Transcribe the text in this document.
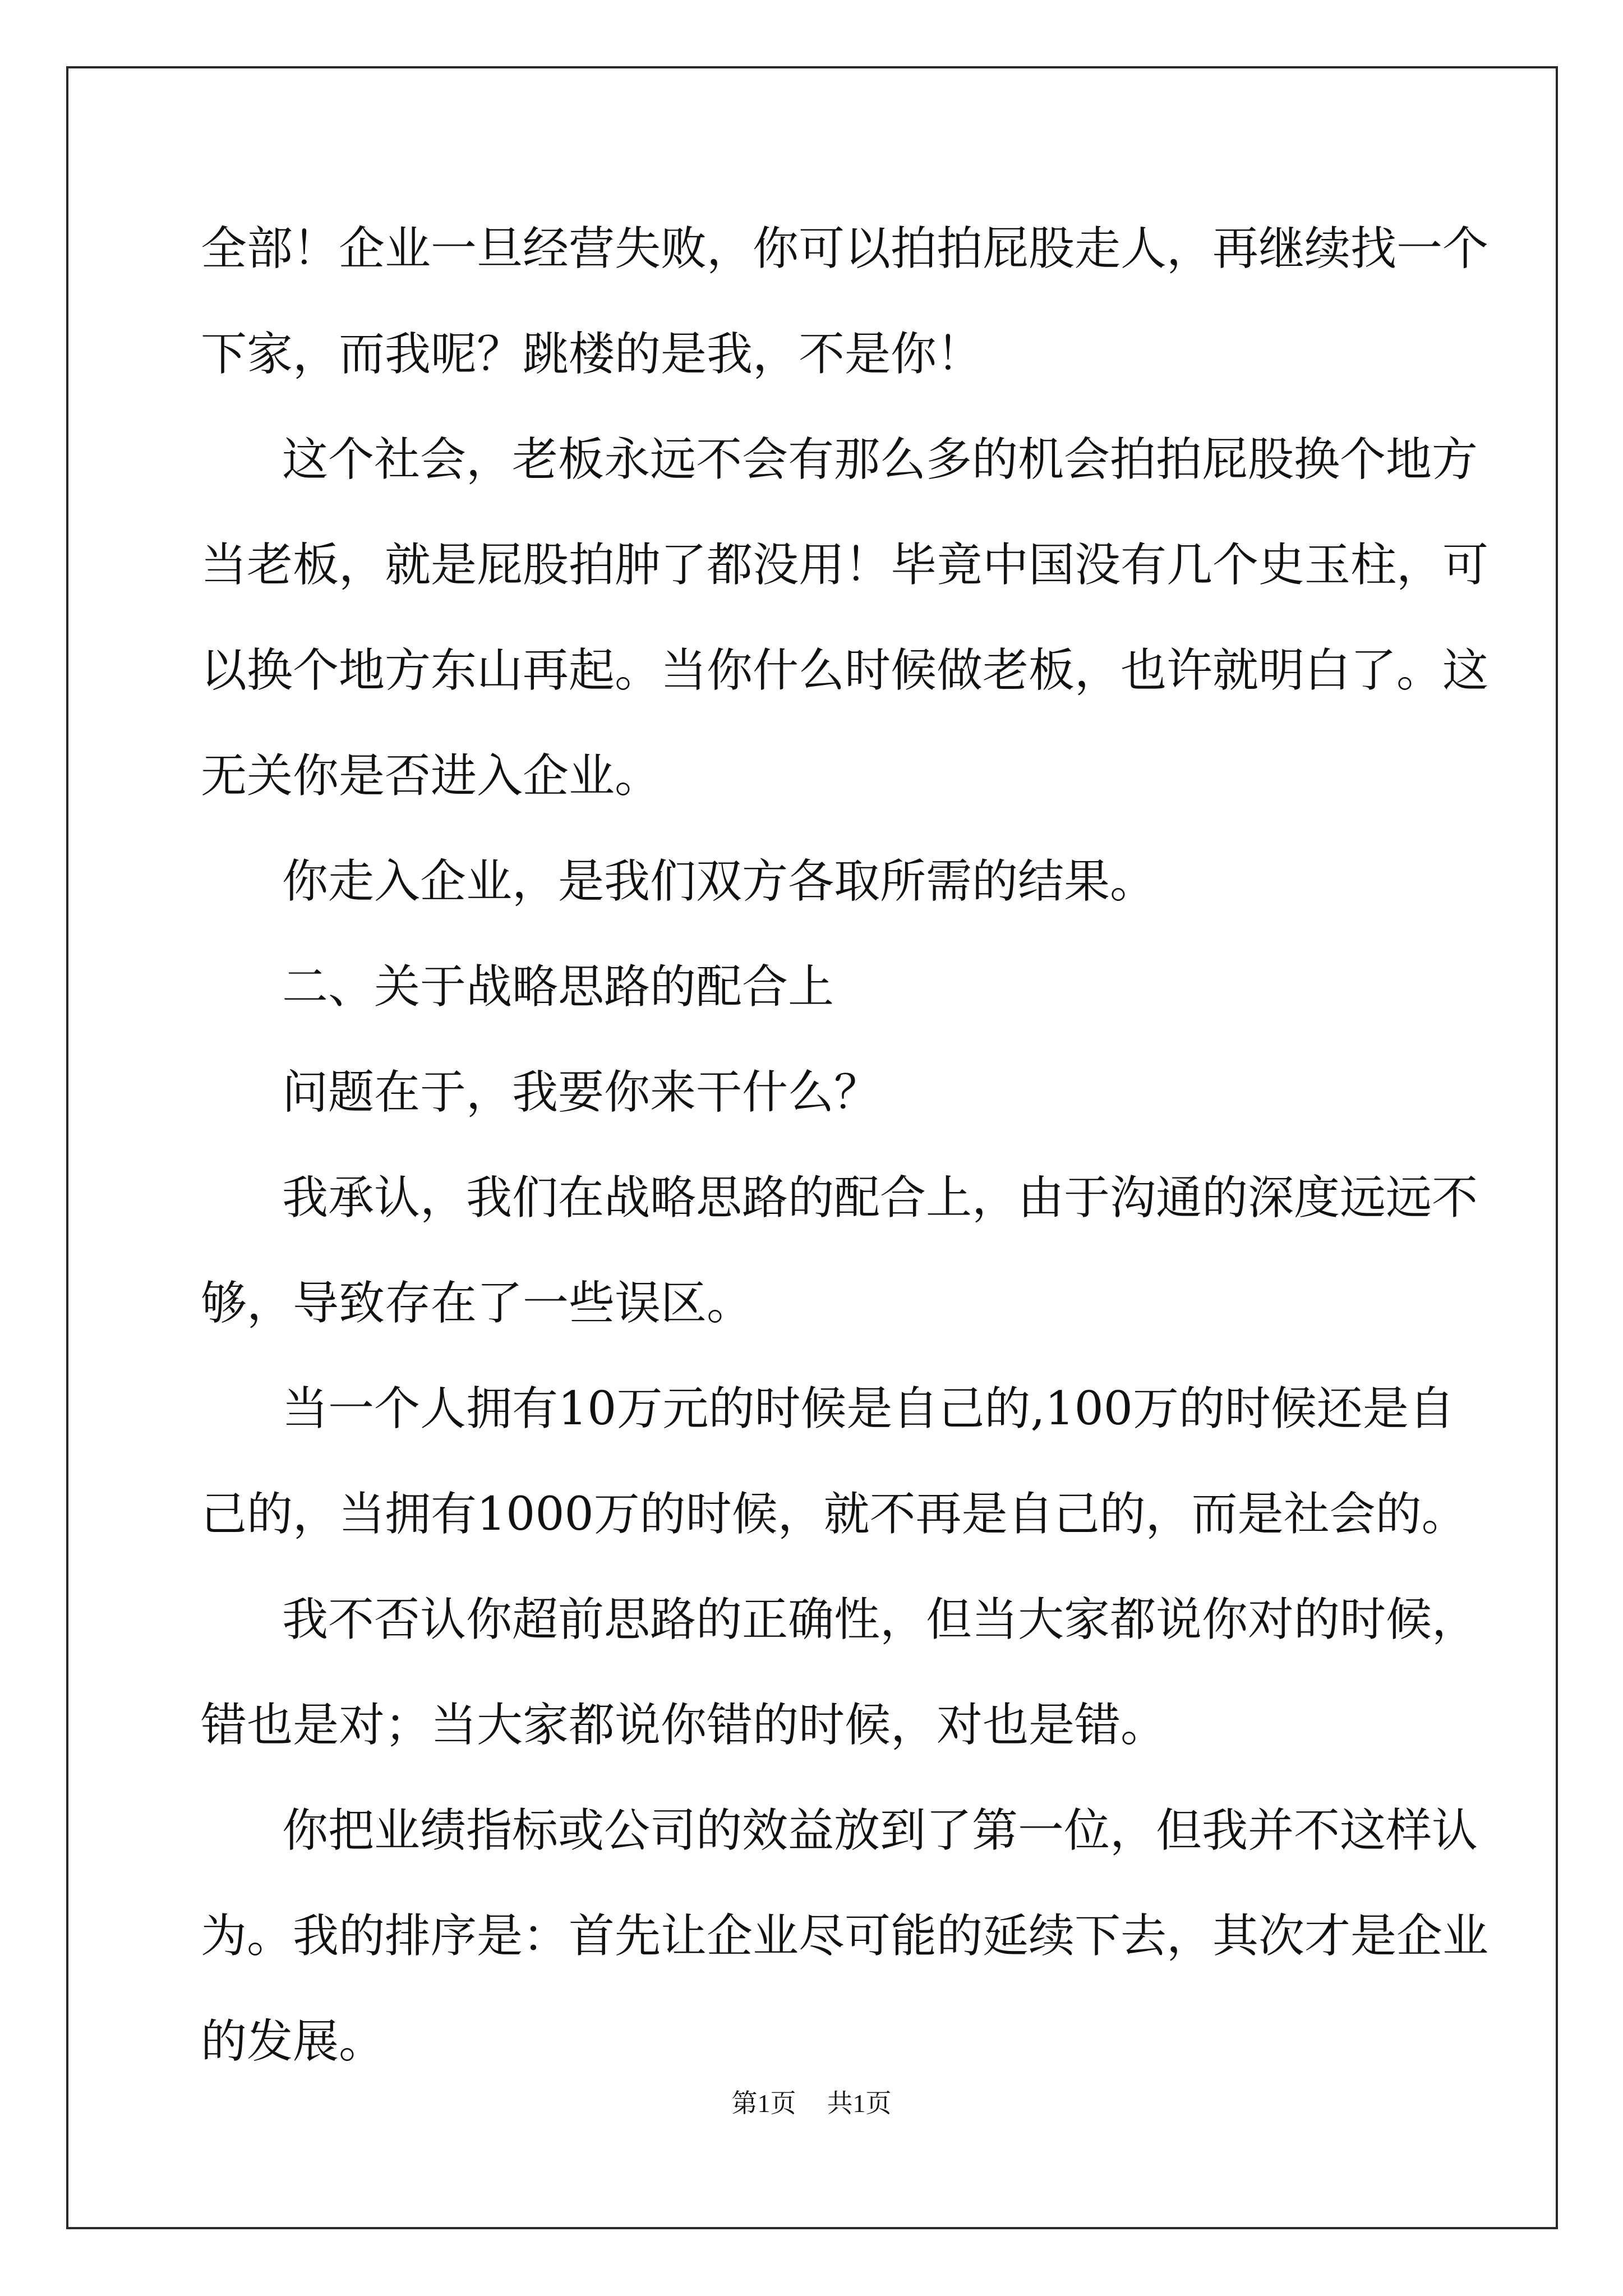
全部！企业一旦经营失败，你可以拍拍屁股走人，再继续找一个下家，而我呢？跳楼的是我，不是你！

这个社会，老板永远不会有那么多的机会拍拍屁股换个地方当老板，就是屁股拍肿了都没用！毕竟中国没有几个史玉柱，可以换个地方东山再起。当你什么时候做老板，也许就明白了。这无关你是否进入企业。

你走入企业，是我们双方各取所需的结果。

二、关于战略思路的配合上

问题在于，我要你来干什么？

我承认，我们在战略思路的配合上，由于沟通的深度远远不够，导致存在了一些误区。

当一个人拥有10万元的时候是自己的,100万的时候还是自己的，当拥有1000万的时候，就不再是自己的，而是社会的。

我不否认你超前思路的正确性，但当大家都说你对的时候，错也是对；当大家都说你错的时候，对也是错。

你把业绩指标或公司的效益放到了第一位，但我并不这样认为。我的排序是：首先让企业尽可能的延续下去，其次才是企业的发展。

第1页 共1页
